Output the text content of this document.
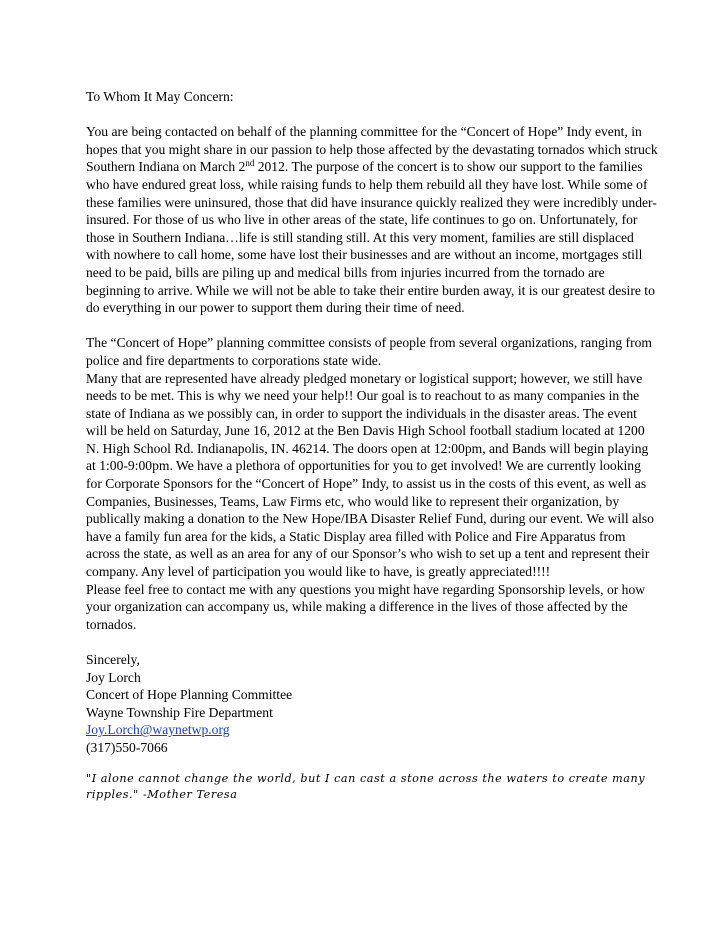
To Whom It May Concern:

You are being contacted on behalf of the planning committee for the “Concert of Hope” Indy event, in hopes that you might share in our passion to help those affected by the devastating tornados which struck Southern Indiana on March 2nd 2012. The purpose of the concert is to show our support to the families who have endured great loss, while raising funds to help them rebuild all they have lost. While some of these families were uninsured, those that did have insurance quickly realized they were incredibly under-insured. For those of us who live in other areas of the state, life continues to go on. Unfortunately, for those in Southern Indiana…life is still standing still. At this very moment, families are still displaced with nowhere to call home, some have lost their businesses and are without an income, mortgages still need to be paid, bills are piling up and medical bills from injuries incurred from the tornado are beginning to arrive. While we will not be able to take their entire burden away, it is our greatest desire to do everything in our power to support them during their time of need.

The “Concert of Hope” planning committee consists of people from several organizations, ranging from police and fire departments to corporations state wide.

Many that are represented have already pledged monetary or logistical support; however, we still have needs to be met. This is why we need your help!! Our goal is to reachout to as many companies in the state of Indiana as we possibly can, in order to support the individuals in the disaster areas. The event will be held on Saturday, June 16, 2012 at the Ben Davis High School football stadium located at 1200 N. High School Rd. Indianapolis, IN. 46214. The doors open at 12:00pm, and Bands will begin playing at 1:00-9:00pm. We have a plethora of opportunities for you to get involved! We are currently looking for Corporate Sponsors for the “Concert of Hope” Indy, to assist us in the costs of this event, as well as Companies, Businesses, Teams, Law Firms etc, who would like to represent their organization, by publically making a donation to the New Hope/IBA Disaster Relief Fund, during our event. We will also have a family fun area for the kids, a Static Display area filled with Police and Fire Apparatus from across the state, as well as an area for any of our Sponsor’s who wish to set up a tent and represent their company. Any level of participation you would like to have, is greatly appreciated!!!!

Please feel free to contact me with any questions you might have regarding Sponsorship levels, or how your organization can accompany us, while making a difference in the lives of those affected by the tornados.

Sincerely,
Joy Lorch
Concert of Hope Planning Committee
Wayne Township Fire Department
Joy.Lorch@waynetwp.org
(317)550-7066
"I alone cannot change the world, but I can cast a stone across the waters to create many ripples." -Mother Teresa
